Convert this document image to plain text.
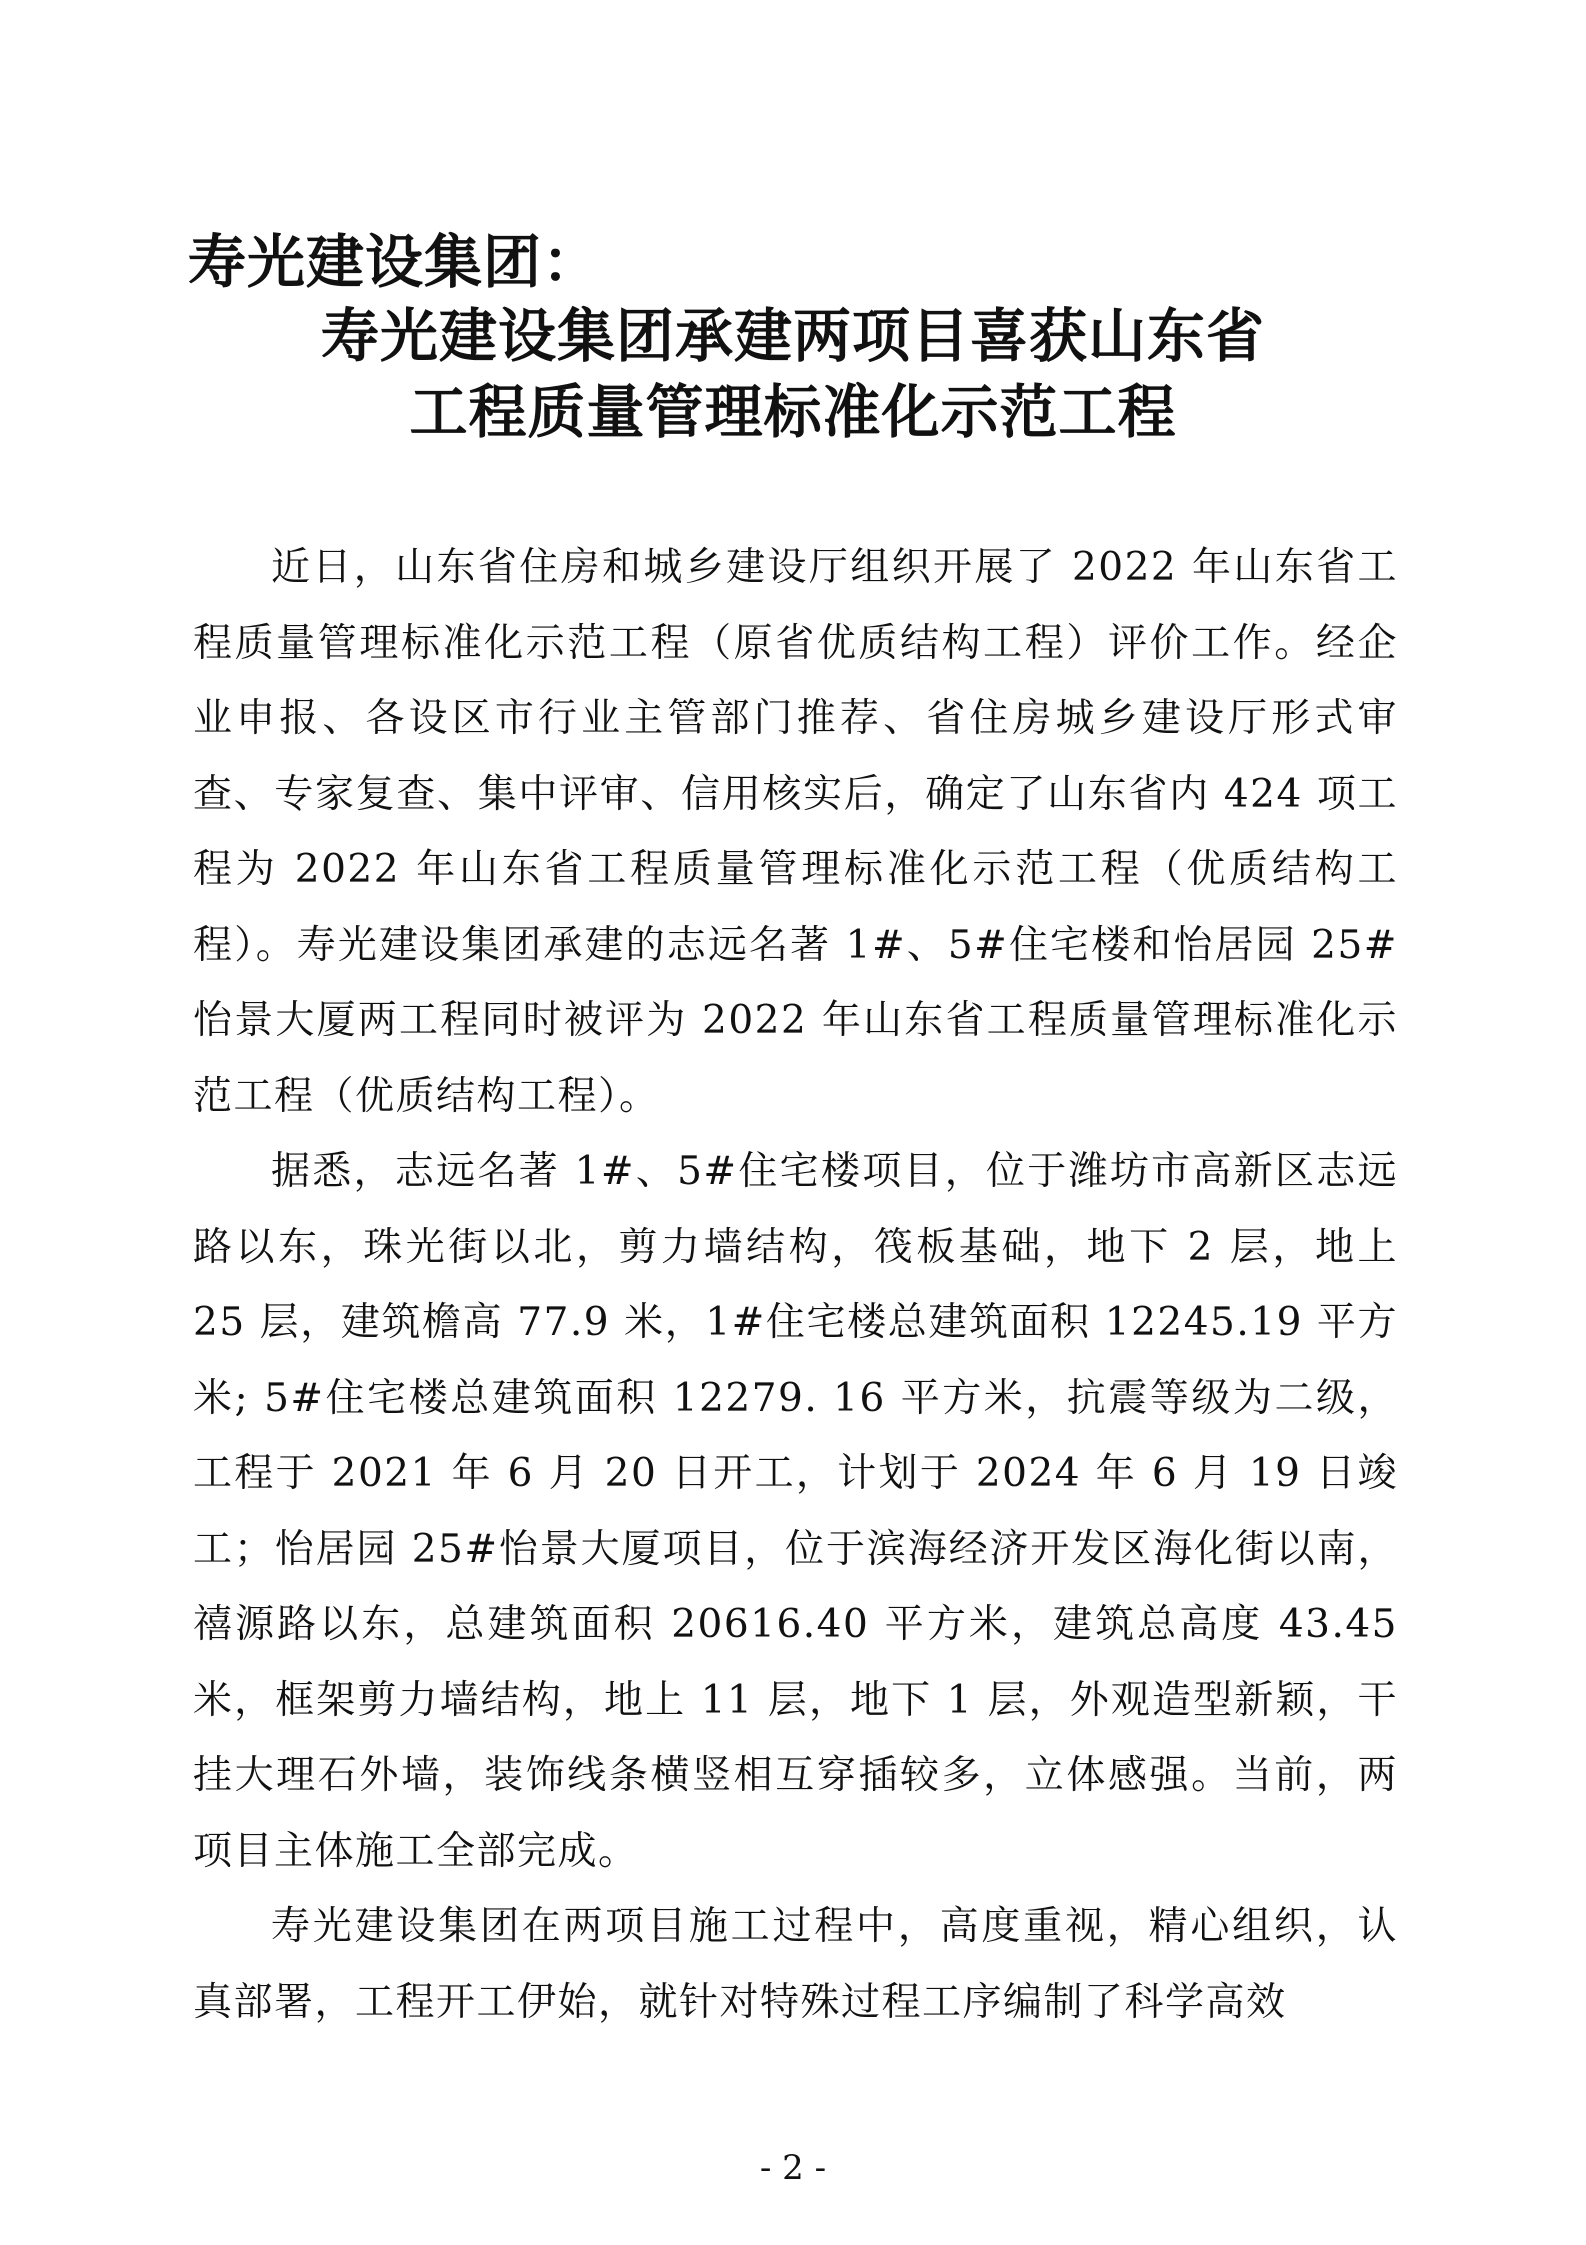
寿光建设集团：
寿光建设集团承建两项目喜获山东省
工程质量管理标准化示范工程

近日，山东省住房和城乡建设厅组织开展了 2022 年山东省工程质量管理标准化示范工程（原省优质结构工程）评价工作。经企业申报、各设区市行业主管部门推荐、省住房城乡建设厅形式审查、专家复查、集中评审、信用核实后，确定了山东省内 424 项工程为 2022 年山东省工程质量管理标准化示范工程（优质结构工程）。寿光建设集团承建的志远名著 1#、5#住宅楼和怡居园 25#怡景大厦两工程同时被评为 2022 年山东省工程质量管理标准化示范工程（优质结构工程）。

据悉，志远名著 1#、5#住宅楼项目，位于潍坊市高新区志远路以东，珠光街以北，剪力墙结构，筏板基础，地下 2 层，地上 25 层，建筑檐高 77.9 米，1#住宅楼总建筑面积 12245.19 平方米; 5#住宅楼总建筑面积 12279. 16 平方米，抗震等级为二级，工程于 2021 年 6 月 20 日开工，计划于 2024 年 6 月 19 日竣工；怡居园 25#怡景大厦项目，位于滨海经济开发区海化街以南，禧源路以东，总建筑面积 20616.40 平方米，建筑总高度 43.45 米，框架剪力墙结构，地上 11 层，地下 1 层，外观造型新颖，干挂大理石外墙，装饰线条横竖相互穿插较多，立体感强。当前，两项目主体施工全部完成。

寿光建设集团在两项目施工过程中，高度重视，精心组织，认真部署，工程开工伊始，就针对特殊过程工序编制了科学高效

- 2 -
